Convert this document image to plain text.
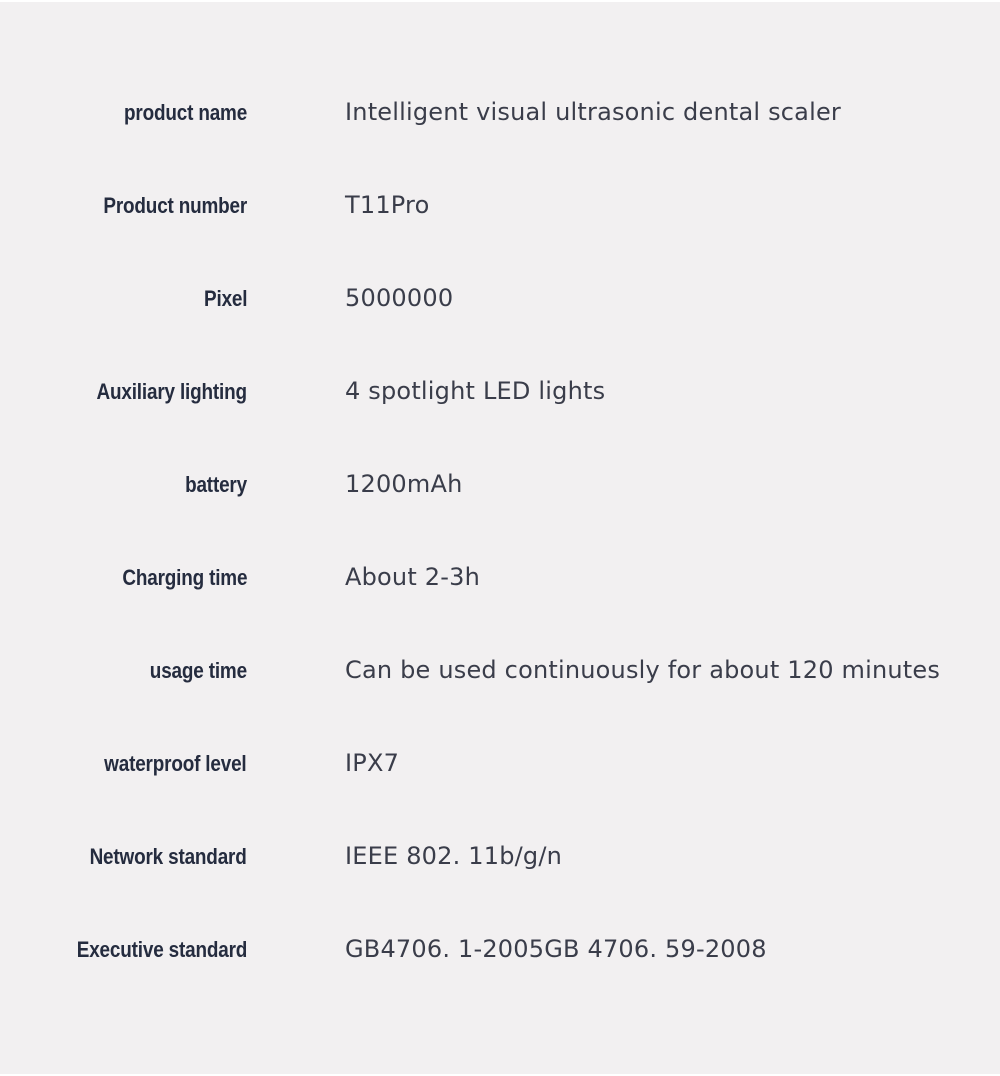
product name	Intelligent visual ultrasonic dental scaler
Product number	T11Pro
Pixel	5000000
Auxiliary lighting	4 spotlight LED lights
battery	1200mAh
Charging time	About 2-3h
usage time	Can be used continuously for about 120 minutes
waterproof level	IPX7
Network standard	IEEE 802. 11b/g/n
Executive standard	GB4706. 1-2005GB 4706. 59-2008
